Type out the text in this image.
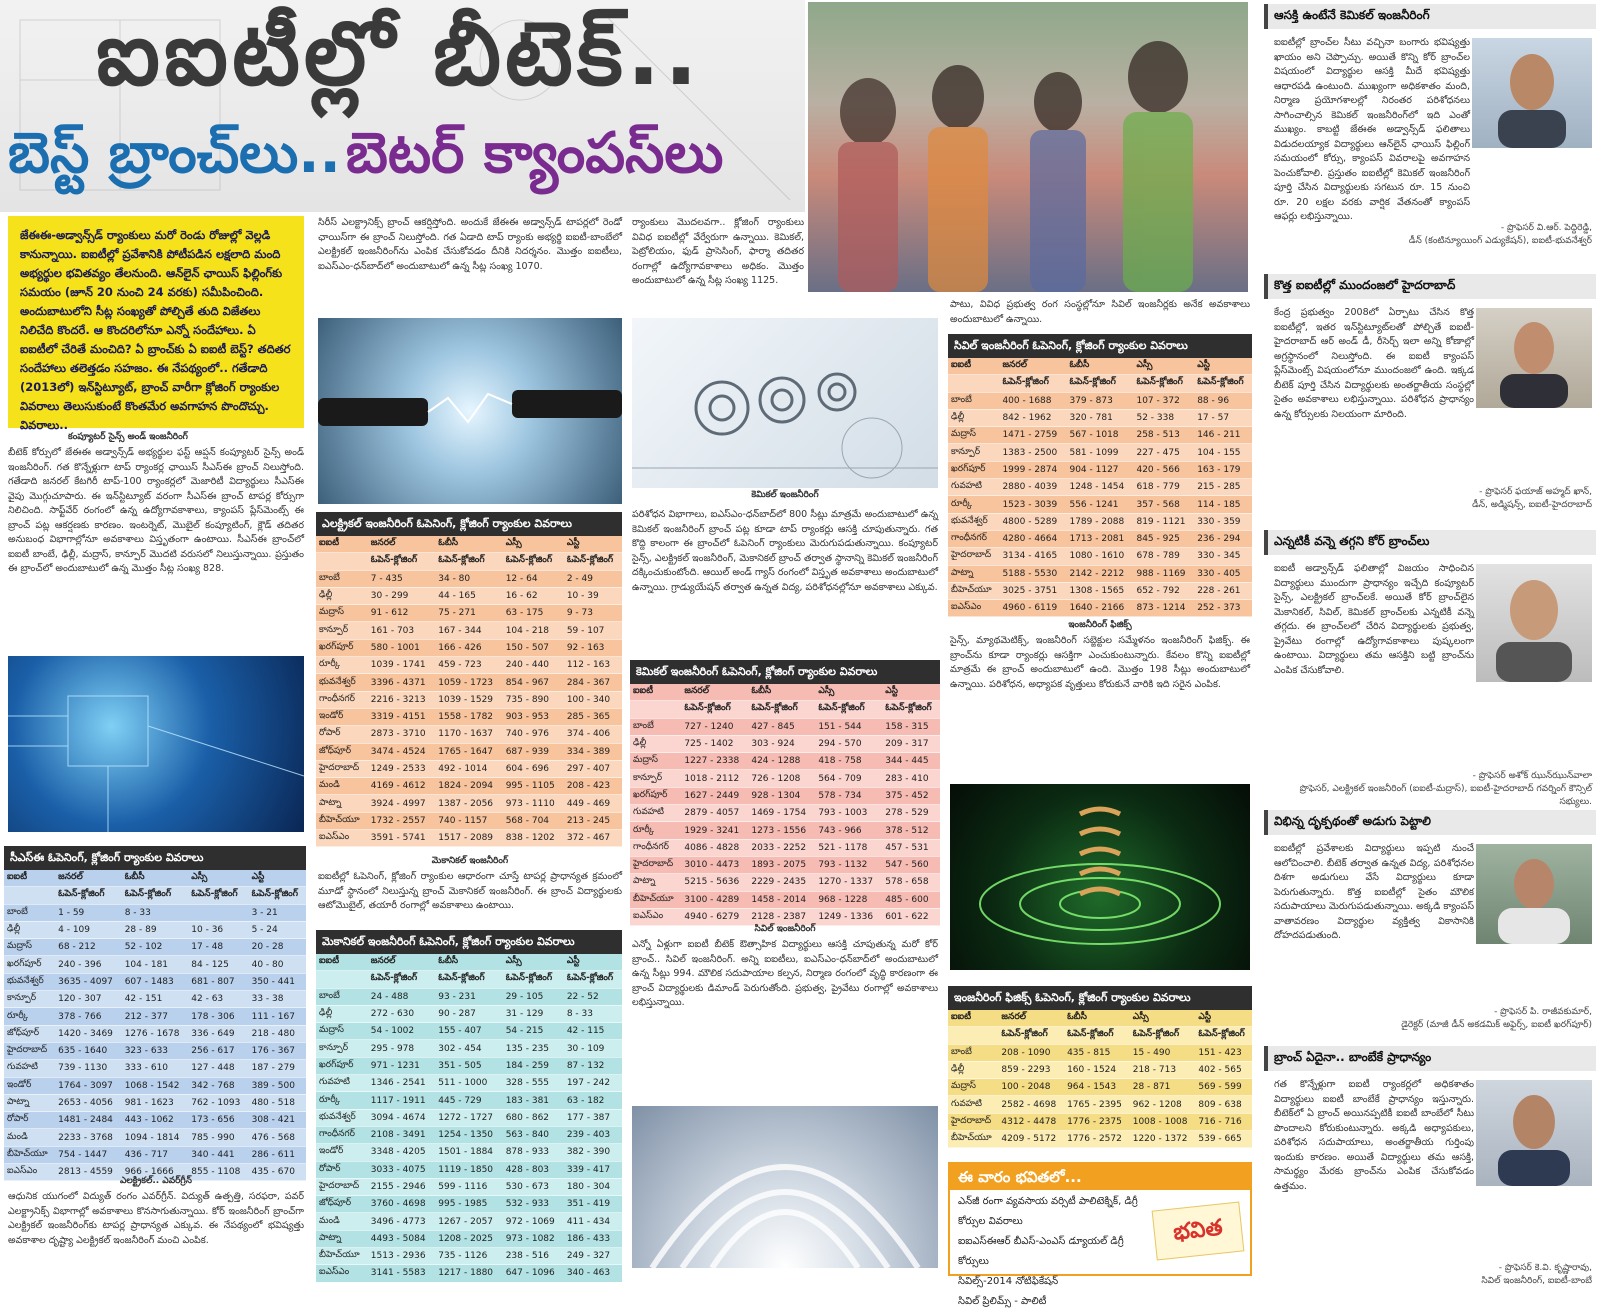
ఐఐటీల్లో బీటెక్..
బెస్ట్ బ్రాంచ్‌లు.. బెటర్ క్యాంపస్‌లు
జేఈఈ-అడ్వాన్స్‌డ్ ర్యాంకులు మరో రెండు రోజుల్లో వెల్లడి కానున్నాయి. ఐఐటీల్లో ప్రవేశానికి పోటీపడిన లక్షలాది మంది అభ్యర్థుల భవితవ్యం తేలనుంది. ఆన్‌లైన్ ఛాయిస్ ఫిల్లింగ్‌కు సమయం (జూన్ 20 నుంచి 24 వరకు) సమీపించింది. అందుబాటులోని సీట్ల సంఖ్యతో పోల్చితే తుది విజేతలు నిలిచేది కొందరే. ఆ కొందరిలోనూ ఎన్నో సందేహాలు. ఏ ఐఐటీలో చేరితే మంచిది? ఏ బ్రాంచ్‌కు ఏ ఐఐటీ బెస్ట్? తదితర సందేహాలు తలెత్తడం సహజం. ఈ నేపథ్యంలో.. గతేడాది (2013లో) ఇన్‌స్టిట్యూట్, బ్రాంచ్ వారీగా క్లోజింగ్ ర్యాంకుల వివరాలు తెలుసుకుంటే కొంతమేర అవగాహన పొందొచ్చు. వివరాలు..
కంప్యూటర్ సైన్స్ అండ్ ఇంజనీరింగ్
బీటెక్ కోర్సులో జేఈఈ అడ్వాన్స్‌డ్ అభ్యర్థుల ఫస్ట్ ఆప్షన్ కంప్యూటర్ సైన్స్ అండ్ ఇంజనీరింగ్. గత కొన్నేళ్లుగా టాప్ ర్యాంకర్ల ఛాయిస్ సీఎస్‌ఈ బ్రాంచ్ నిలుస్తోంది. గతేడాది జనరల్ కేటగిరీ టాప్-100 ర్యాంకర్లలో మెజారిటీ విద్యార్థులు సీఎస్‌ఈ వైపు మొగ్గుచూపారు. ఈ ఇన్‌స్టిట్యూట్ వరంగా సీఎస్‌ఈ బ్రాంచ్ టాపర్ల కోర్సుగా నిలిచింది. సాఫ్ట్‌వేర్ రంగంలో ఉన్న ఉద్యోగావకాశాలు, క్యాంపస్ ప్లేస్‌మెంట్స్ ఈ బ్రాంచ్ పట్ల ఆకర్షణకు కారణం. ఇంటర్నెట్, మొబైల్ కంప్యూటింగ్, క్లౌడ్ తదితర అనుబంధ విభాగాల్లోనూ అవకాశాలు విస్తృతంగా ఉంటాయి. సీఎస్‌ఈ బ్రాంచ్‌లో ఐఐటీ బాంబే, ఢిల్లీ, మద్రాస్, కాన్పూర్ మొదటి వరుసలో నిలుస్తున్నాయి. ప్రస్తుతం ఈ బ్రాంచ్‌లో అందుబాటులో ఉన్న మొత్తం సీట్ల సంఖ్య 828.
సీఎస్‌ఈ ఓపెనింగ్, క్లోజింగ్ ర్యాంకుల వివరాలు
ఐఐటీ	జనరల్	ఓబీసీ	ఎస్సీ	ఎస్టీ
	ఓపెన్-క్లోజింగ్	ఓపెన్-క్లోజింగ్	ఓపెన్-క్లోజింగ్	ఓపెన్-క్లోజింగ్
బాంబే	1 - 59	8 - 33		3 - 21
ఢిల్లీ	4 - 109	28 - 89	10 - 36	5 - 24
మద్రాస్	68 - 212	52 - 102	17 - 48	20 - 28
ఖరగ్‌పూర్	240 - 396	104 - 181	84 - 125	40 - 80
భువనేశ్వర్	3635 - 4097	607 - 1483	681 - 807	350 - 441
కాన్పూర్	120 - 307	42 - 151	42 - 63	33 - 38
రూర్కీ	378 - 766	212 - 377	178 - 306	111 - 167
జోధ్‌పూర్	1420 - 3469	1276 - 1678	336 - 649	218 - 480
హైదరాబాద్	635 - 1640	323 - 633	256 - 617	176 - 367
గువహటి	739 - 1130	333 - 610	127 - 448	187 - 279
ఇండోర్	1764 - 3097	1068 - 1542	342 - 768	389 - 500
పాట్నా	2653 - 4056	981 - 1623	762 - 1093	480 - 518
రోపార్	1481 - 2484	443 - 1062	173 - 656	308 - 421
మండి	2233 - 3768	1094 - 1814	785 - 990	476 - 568
బీహెచ్‌యూ	754 - 1447	436 - 717	340 - 441	286 - 611
ఐఎస్ఎం	2813 - 4559	966 - 1666	855 - 1108	435 - 670
ఎలక్ట్రికల్.. ఎవర్‌గ్రీన్
ఆధునిక యుగంలో విద్యుత్ రంగం ఎవర్‌గ్రీన్. విద్యుత్ ఉత్పత్తి, సరఫరా, పవర్ ఎలక్ట్రానిక్స్ విభాగాల్లో అవకాశాలు కొనసాగుతున్నాయి. కోర్ ఇంజనీరింగ్ బ్రాంచ్‌గా ఎలక్ట్రికల్ ఇంజనీరింగ్‌కు టాపర్ల ప్రాధాన్యత ఎక్కువ. ఈ నేపథ్యంలో భవిష్యత్తు అవకాశాల దృష్ట్యా ఎలక్ట్రికల్ ఇంజనీరింగ్ మంచి ఎంపిక.
సిరీస్ ఎలక్ట్రానిక్స్ బ్రాంచ్ ఆకర్షిస్తోంది. అందుకే జేఈఈ అడ్వాన్స్‌డ్ టాపర్లలో రెండో ఛాయిస్‌గా ఈ బ్రాంచ్ నిలుస్తోంది. గత ఏడాది టాప్ ర్యాంకు అభ్యర్థి ఐఐటీ-బాంబేలో ఎలక్ట్రికల్ ఇంజనీరింగ్‌ను ఎంపిక చేసుకోవడం దీనికి నిదర్శనం. మొత్తం ఐఐటీలు, ఐఎస్ఎం-ధన్‌బాద్‌లో అందుబాటులో ఉన్న సీట్ల సంఖ్య 1070.
ఎలక్ట్రికల్ ఇంజనీరింగ్ ఓపెనింగ్, క్లోజింగ్ ర్యాంకుల వివరాలు
ఐఐటీ	జనరల్	ఓబీసీ	ఎస్సీ	ఎస్టీ
	ఓపెన్-క్లోజింగ్	ఓపెన్-క్లోజింగ్	ఓపెన్-క్లోజింగ్	ఓపెన్-క్లోజింగ్
బాంబే	7 - 435	34 - 80	12 - 64	2 - 49
ఢిల్లీ	30 - 299	44 - 165	16 - 62	10 - 39
మద్రాస్	91 - 612	75 - 271	63 - 175	9 - 73
కాన్పూర్	161 - 703	167 - 344	104 - 218	59 - 107
ఖరగ్‌పూర్	580 - 1001	166 - 426	150 - 507	92 - 163
రూర్కీ	1039 - 1741	459 - 723	240 - 440	112 - 163
భువనేశ్వర్	3396 - 4371	1059 - 1723	854 - 967	284 - 367
గాంధీనగర్	2216 - 3213	1039 - 1529	735 - 890	100 - 340
ఇండోర్	3319 - 4151	1558 - 1782	903 - 953	285 - 365
రోపార్	2873 - 3710	1170 - 1637	740 - 976	374 - 406
జోధ్‌పూర్	3474 - 4524	1765 - 1647	687 - 939	334 - 389
హైదరాబాద్	1249 - 2533	492 - 1014	604 - 696	297 - 407
మండి	4169 - 4612	1824 - 2094	995 - 1105	208 - 423
పాట్నా	3924 - 4997	1387 - 2056	973 - 1110	449 - 469
బీహెచ్‌యూ	1732 - 2557	740 - 1157	568 - 704	213 - 245
ఐఎస్ఎం	3591 - 5741	1517 - 2089	838 - 1202	372 - 467
మెకానికల్ ఇంజనీరింగ్
ఐఐటీల్లో ఓపెనింగ్, క్లోజింగ్ ర్యాంకుల ఆధారంగా చూస్తే టాపర్ల ప్రాధాన్యత క్రమంలో మూడో స్థానంలో నిలుస్తున్న బ్రాంచ్ మెకానికల్ ఇంజనీరింగ్. ఈ బ్రాంచ్ విద్యార్థులకు ఆటోమొబైల్, తయారీ రంగాల్లో అవకాశాలు ఉంటాయి.
మెకానికల్ ఇంజనీరింగ్ ఓపెనింగ్, క్లోజింగ్ ర్యాంకుల వివరాలు
ఐఐటీ	జనరల్	ఓబీసీ	ఎస్సీ	ఎస్టీ
	ఓపెన్-క్లోజింగ్	ఓపెన్-క్లోజింగ్	ఓపెన్-క్లోజింగ్	ఓపెన్-క్లోజింగ్
బాంబే	24 - 488	93 - 231	29 - 105	22 - 52
ఢిల్లీ	272 - 630	90 - 287	31 - 129	8 - 33
మద్రాస్	54 - 1002	155 - 407	54 - 215	42 - 115
కాన్పూర్	295 - 978	302 - 454	135 - 235	30 - 109
ఖరగ్‌పూర్	971 - 1231	351 - 505	184 - 259	87 - 132
గువహటి	1346 - 2541	511 - 1000	328 - 555	197 - 242
రూర్కీ	1117 - 1911	445 - 729	183 - 381	63 - 182
భువనేశ్వర్	3094 - 4674	1272 - 1727	680 - 862	177 - 387
గాంధీనగర్	2108 - 3491	1254 - 1350	563 - 840	239 - 403
ఇండోర్	3348 - 4205	1501 - 1884	878 - 933	382 - 390
రోపార్	3033 - 4075	1119 - 1850	428 - 803	339 - 417
హైదరాబాద్	2155 - 2946	599 - 1116	530 - 673	180 - 304
జోధ్‌పూర్	3760 - 4698	995 - 1985	532 - 933	351 - 419
మండి	3496 - 4773	1267 - 2057	972 - 1069	411 - 434
పాట్నా	4493 - 5084	1208 - 2025	973 - 1082	186 - 433
బీహెచ్‌యూ	1513 - 2936	735 - 1126	238 - 516	249 - 327
ఐఎస్ఎం	3141 - 5583	1217 - 1880	647 - 1096	340 - 463
ర్యాంకులు మొదలవగా.. క్లోజింగ్ ర్యాంకులు వివిధ ఐఐటీల్లో వేర్వేరుగా ఉన్నాయి. కెమికల్, పెట్రోలియం, ఫుడ్ ప్రాసెసింగ్, ఫార్మా తదితర రంగాల్లో ఉద్యోగావకాశాలు అధికం. మొత్తం అందుబాటులో ఉన్న సీట్ల సంఖ్య 1125.
కెమికల్ ఇంజనీరింగ్
పరిశోధన విభాగాలు, ఐఎస్ఎం-ధన్‌బాద్‌లో 800 సీట్లు మాత్రమే అందుబాటులో ఉన్న కెమికల్ ఇంజనీరింగ్ బ్రాంచ్ పట్ల కూడా టాప్ ర్యాంకర్లు ఆసక్తి చూపుతున్నారు. గత కొద్ది కాలంగా ఈ బ్రాంచ్‌లో ఓపెనింగ్ ర్యాంకులు మెరుగుపడుతున్నాయి. కంప్యూటర్ సైన్స్, ఎలక్ట్రికల్ ఇంజనీరింగ్, మెకానికల్ బ్రాంచ్ తర్వాత స్థానాన్ని కెమికల్ ఇంజనీరింగ్ దక్కించుకుంటోంది. ఆయిల్ అండ్ గ్యాస్ రంగంలో విస్తృత అవకాశాలు అందుబాటులో ఉన్నాయి. గ్రాడ్యుయేషన్ తర్వాత ఉన్నత విద్య, పరిశోధనల్లోనూ అవకాశాలు ఎక్కువ.
కెమికల్ ఇంజనీరింగ్ ఓపెనింగ్, క్లోజింగ్ ర్యాంకుల వివరాలు
ఐఐటీ	జనరల్	ఓబీసీ	ఎస్సీ	ఎస్టీ
	ఓపెన్-క్లోజింగ్	ఓపెన్-క్లోజింగ్	ఓపెన్-క్లోజింగ్	ఓపెన్-క్లోజింగ్
బాంబే	727 - 1240	427 - 845	151 - 544	158 - 315
ఢిల్లీ	725 - 1402	303 - 924	294 - 570	209 - 317
మద్రాస్	1227 - 2338	424 - 1288	418 - 758	344 - 445
కాన్పూర్	1018 - 2112	726 - 1208	564 - 709	283 - 410
ఖరగ్‌పూర్	1627 - 2449	928 - 1304	578 - 734	375 - 452
గువహటి	2879 - 4057	1469 - 1754	793 - 1003	278 - 529
రూర్కీ	1929 - 3241	1273 - 1556	743 - 966	378 - 512
గాంధీనగర్	4086 - 4828	2033 - 2252	521 - 1178	457 - 531
హైదరాబాద్	3010 - 4473	1893 - 2075	793 - 1132	547 - 560
పాట్నా	5215 - 5636	2229 - 2435	1270 - 1337	578 - 658
బీహెచ్‌యూ	3100 - 4289	1458 - 2014	968 - 1228	485 - 600
ఐఎస్ఎం	4940 - 6279	2128 - 2387	1249 - 1336	601 - 622
సివిల్ ఇంజనీరింగ్
ఎన్నో ఏళ్లుగా ఐఐటీ బీటెక్ ఔత్సాహిక విద్యార్థులు ఆసక్తి చూపుతున్న మరో కోర్ బ్రాంచ్.. సివిల్ ఇంజనీరింగ్. అన్ని ఐఐటీలు, ఐఎస్ఎం-ధన్‌బాద్‌లో అందుబాటులో ఉన్న సీట్లు 994. మౌలిక సదుపాయాల కల్పన, నిర్మాణ రంగంలో వృద్ధి కారణంగా ఈ బ్రాంచ్ విద్యార్థులకు డిమాండ్ పెరుగుతోంది. ప్రభుత్వ, ప్రైవేటు రంగాల్లో అవకాశాలు లభిస్తున్నాయి.
పాటు, వివిధ ప్రభుత్వ రంగ సంస్థల్లోనూ సివిల్ ఇంజనీర్లకు అనేక అవకాశాలు అందుబాటులో ఉన్నాయి.
సివిల్ ఇంజనీరింగ్ ఓపెనింగ్, క్లోజింగ్ ర్యాంకుల వివరాలు
ఐఐటీ	జనరల్	ఓబీసీ	ఎస్సీ	ఎస్టీ
	ఓపెన్-క్లోజింగ్	ఓపెన్-క్లోజింగ్	ఓపెన్-క్లోజింగ్	ఓపెన్-క్లోజింగ్
బాంబే	400 - 1688	379 - 873	107 - 372	88 - 96
ఢిల్లీ	842 - 1962	320 - 781	52 - 338	17 - 57
మద్రాస్	1471 - 2759	567 - 1018	258 - 513	146 - 211
కాన్పూర్	1383 - 2500	581 - 1099	227 - 475	104 - 155
ఖరగ్‌పూర్	1999 - 2874	904 - 1127	420 - 566	163 - 179
గువహటి	2880 - 4039	1248 - 1454	618 - 779	215 - 285
రూర్కీ	1523 - 3039	556 - 1241	357 - 568	114 - 185
భువనేశ్వర్	4800 - 5289	1789 - 2088	819 - 1121	330 - 359
గాంధీనగర్	4280 - 4664	1713 - 2081	845 - 925	236 - 294
హైదరాబాద్	3134 - 4165	1080 - 1610	678 - 789	330 - 345
పాట్నా	5188 - 5530	2142 - 2212	988 - 1169	330 - 405
బీహెచ్‌యూ	3025 - 3751	1308 - 1565	652 - 792	228 - 261
ఐఎస్ఎం	4960 - 6119	1640 - 2166	873 - 1214	252 - 373
ఇంజనీరింగ్ ఫిజిక్స్
సైన్స్, మ్యాథమెటిక్స్, ఇంజనీరింగ్ సబ్జెక్టుల సమ్మేళనం ఇంజనీరింగ్ ఫిజిక్స్. ఈ బ్రాంచ్‌ను కూడా ర్యాంకర్లు ఆసక్తిగా ఎంచుకుంటున్నారు. కేవలం కొన్ని ఐఐటీల్లో మాత్రమే ఈ బ్రాంచ్ అందుబాటులో ఉంది. మొత్తం 198 సీట్లు అందుబాటులో ఉన్నాయి. పరిశోధన, అధ్యాపక వృత్తులు కోరుకునే వారికి ఇది సరైన ఎంపిక.
ఇంజనీరింగ్ ఫిజిక్స్ ఓపెనింగ్, క్లోజింగ్ ర్యాంకుల వివరాలు
ఐఐటీ	జనరల్	ఓబీసీ	ఎస్సీ	ఎస్టీ
	ఓపెన్-క్లోజింగ్	ఓపెన్-క్లోజింగ్	ఓపెన్-క్లోజింగ్	ఓపెన్-క్లోజింగ్
బాంబే	208 - 1090	435 - 815	15 - 490	151 - 423
ఢిల్లీ	859 - 2293	160 - 1524	218 - 713	402 - 565
మద్రాస్	100 - 2048	964 - 1543	28 - 871	569 - 599
గువహటి	2582 - 4698	1765 - 2395	962 - 1208	809 - 638
హైదరాబాద్	4312 - 4478	1776 - 2375	1008 - 1008	716 - 716
బీహెచ్‌యూ	4209 - 5172	1776 - 2572	1220 - 1372	539 - 665
ఈ వారం భవితలో...
ఎన్‌జీ రంగా వ్యవసాయ వర్సిటీ పాలిటెక్నిక్, డిగ్రీ కోర్సుల వివరాలు
ఐఐఎస్ఈఆర్ బీఎస్-ఎంఎస్ డ్యూయల్ డిగ్రీ కోర్సులు
సివిల్స్-2014 నోటిఫికేషన్
సివిల్ ప్రిలిమ్స్ - పాలిటీ
భవిత
ఆసక్తి ఉంటేనే కెమికల్ ఇంజనీరింగ్
ఐఐటీల్లో బ్రాంచ్‌ల సీటు వచ్చినా బంగారు భవిష్యత్తు ఖాయం అని చెప్పొచ్చు. అయితే కొన్ని కోర్ బ్రాంచ్‌ల విషయంలో విద్యార్థుల ఆసక్తి మీదే భవిష్యత్తు ఆధారపడి ఉంటుంది. ముఖ్యంగా అధికశాతం మంది, నిర్మాణ ప్రయోగశాలల్లో నిరంతర పరిశోధనలు సాగించాల్సిన కెమికల్ ఇంజనీరింగ్‌లో ఇది ఎంతో ముఖ్యం. కాబట్టి జేఈఈ అడ్వాన్స్‌డ్ ఫలితాలు విడుదలయ్యాక విద్యార్థులు ఆన్‌లైన్ ఛాయిస్ ఫిల్లింగ్ సమయంలో కోర్సు, క్యాంపస్ వివరాలపై అవగాహన పెంచుకోవాలి. ప్రస్తుతం ఐఐటీల్లో కెమికల్ ఇంజనీరింగ్ పూర్తి చేసిన విద్యార్థులకు సగటున రూ. 15 నుంచి రూ. 20 లక్షల వరకు వార్షిక వేతనంతో క్యాంపస్ ఆఫర్లు లభిస్తున్నాయి.
- ప్రొఫెసర్ వి.ఆర్. పెద్దిరెడ్డి,
డీన్ (కంటిన్యూయింగ్ ఎడ్యుకేషన్), ఐఐటీ-భువనేశ్వర్
కొత్త ఐఐటీల్లో ముందంజలో హైదరాబాద్
కేంద్ర ప్రభుత్వం 2008లో ఏర్పాటు చేసిన కొత్త ఐఐటీల్లో, ఇతర ఇన్‌స్టిట్యూట్‌లతో పోల్చితే ఐఐటీ-హైదరాబాద్ ఆర్ అండ్ డీ, రీసెర్చ్ ఇలా అన్ని కోణాల్లో అగ్రస్థానంలో నిలుస్తోంది. ఈ ఐఐటీ క్యాంపస్ ప్లేస్‌మెంట్స్ విషయంలోనూ ముందంజలో ఉంది. ఇక్కడ బీటెక్ పూర్తి చేసిన విద్యార్థులకు అంతర్జాతీయ సంస్థల్లో సైతం అవకాశాలు లభిస్తున్నాయి. పరిశోధన ప్రాధాన్యం ఉన్న కోర్సులకు నిలయంగా మారింది.
- ప్రొఫెసర్ ఫయాజ్ అహ్మద్ ఖాన్,
డీన్, అడ్మిషన్స్, ఐఐటీ-హైదరాబాద్
ఎన్నటికీ వన్నె తగ్గని కోర్ బ్రాంచ్‌లు
ఐఐటీ అడ్వాన్స్‌డ్ ఫలితాల్లో విజయం సాధించిన విద్యార్థులు ముందుగా ప్రాధాన్యం ఇచ్చేది కంప్యూటర్ సైన్స్, ఎలక్ట్రికల్ బ్రాంచ్‌లకే. అయితే కోర్ బ్రాంచ్‌లైన మెకానికల్, సివిల్, కెమికల్ బ్రాంచ్‌లకు ఎన్నటికీ వన్నె తగ్గదు. ఈ బ్రాంచ్‌లలో చేరిన విద్యార్థులకు ప్రభుత్వ, ప్రైవేటు రంగాల్లో ఉద్యోగావకాశాలు పుష్కలంగా ఉంటాయి. విద్యార్థులు తమ ఆసక్తిని బట్టి బ్రాంచ్‌ను ఎంపిక చేసుకోవాలి.
- ప్రొఫెసర్ అశోక్ ఝున్‌ఝున్‌వాలా
ప్రొఫెసర్, ఎలక్ట్రికల్ ఇంజనీరింగ్ (ఐఐటీ-మద్రాస్), ఐఐటీ-హైదరాబాద్ గవర్నింగ్ కౌన్సిల్ సభ్యులు.
విభిన్న దృక్పథంతో అడుగు పెట్టాలి
ఐఐటీల్లో ప్రవేశాలకు విద్యార్థులు ఇప్పటి నుంచే ఆలోచించాలి. బీటెక్ తర్వాత ఉన్నత విద్య, పరిశోధనల దిశగా అడుగులు వేసే విద్యార్థులు కూడా పెరుగుతున్నారు. కొత్త ఐఐటీల్లో సైతం మౌలిక సదుపాయాలు మెరుగుపడుతున్నాయి. అక్కడి క్యాంపస్ వాతావరణం విద్యార్థుల వ్యక్తిత్వ వికాసానికి దోహదపడుతుంది.
- ప్రొఫెసర్ పి. రాజీవకుమార్,
డైరెక్టర్ (మాజీ డీన్ అకడమిక్ అఫైర్స్, ఐఐటీ ఖరగ్‌పూర్)
బ్రాంచ్ ఏదైనా.. బాంబేకే ప్రాధాన్యం
గత కొన్నేళ్లుగా ఐఐటీ ర్యాంకర్లలో అధికశాతం విద్యార్థులు ఐఐటీ బాంబేకే ప్రాధాన్యం ఇస్తున్నారు. బీటెక్‌లో ఏ బ్రాంచ్ అయినప్పటికీ ఐఐటీ బాంబేలో సీటు పొందాలని కోరుకుంటున్నారు. అక్కడి అధ్యాపకులు, పరిశోధన సదుపాయాలు, అంతర్జాతీయ గుర్తింపు ఇందుకు కారణం. అయితే విద్యార్థులు తమ ఆసక్తి, సామర్థ్యం మేరకు బ్రాంచ్‌ను ఎంపిక చేసుకోవడం ఉత్తమం.
- ప్రొఫెసర్ కె.వి. కృష్ణారావు,
సివిల్ ఇంజనీరింగ్, ఐఐటీ-బాంబే
